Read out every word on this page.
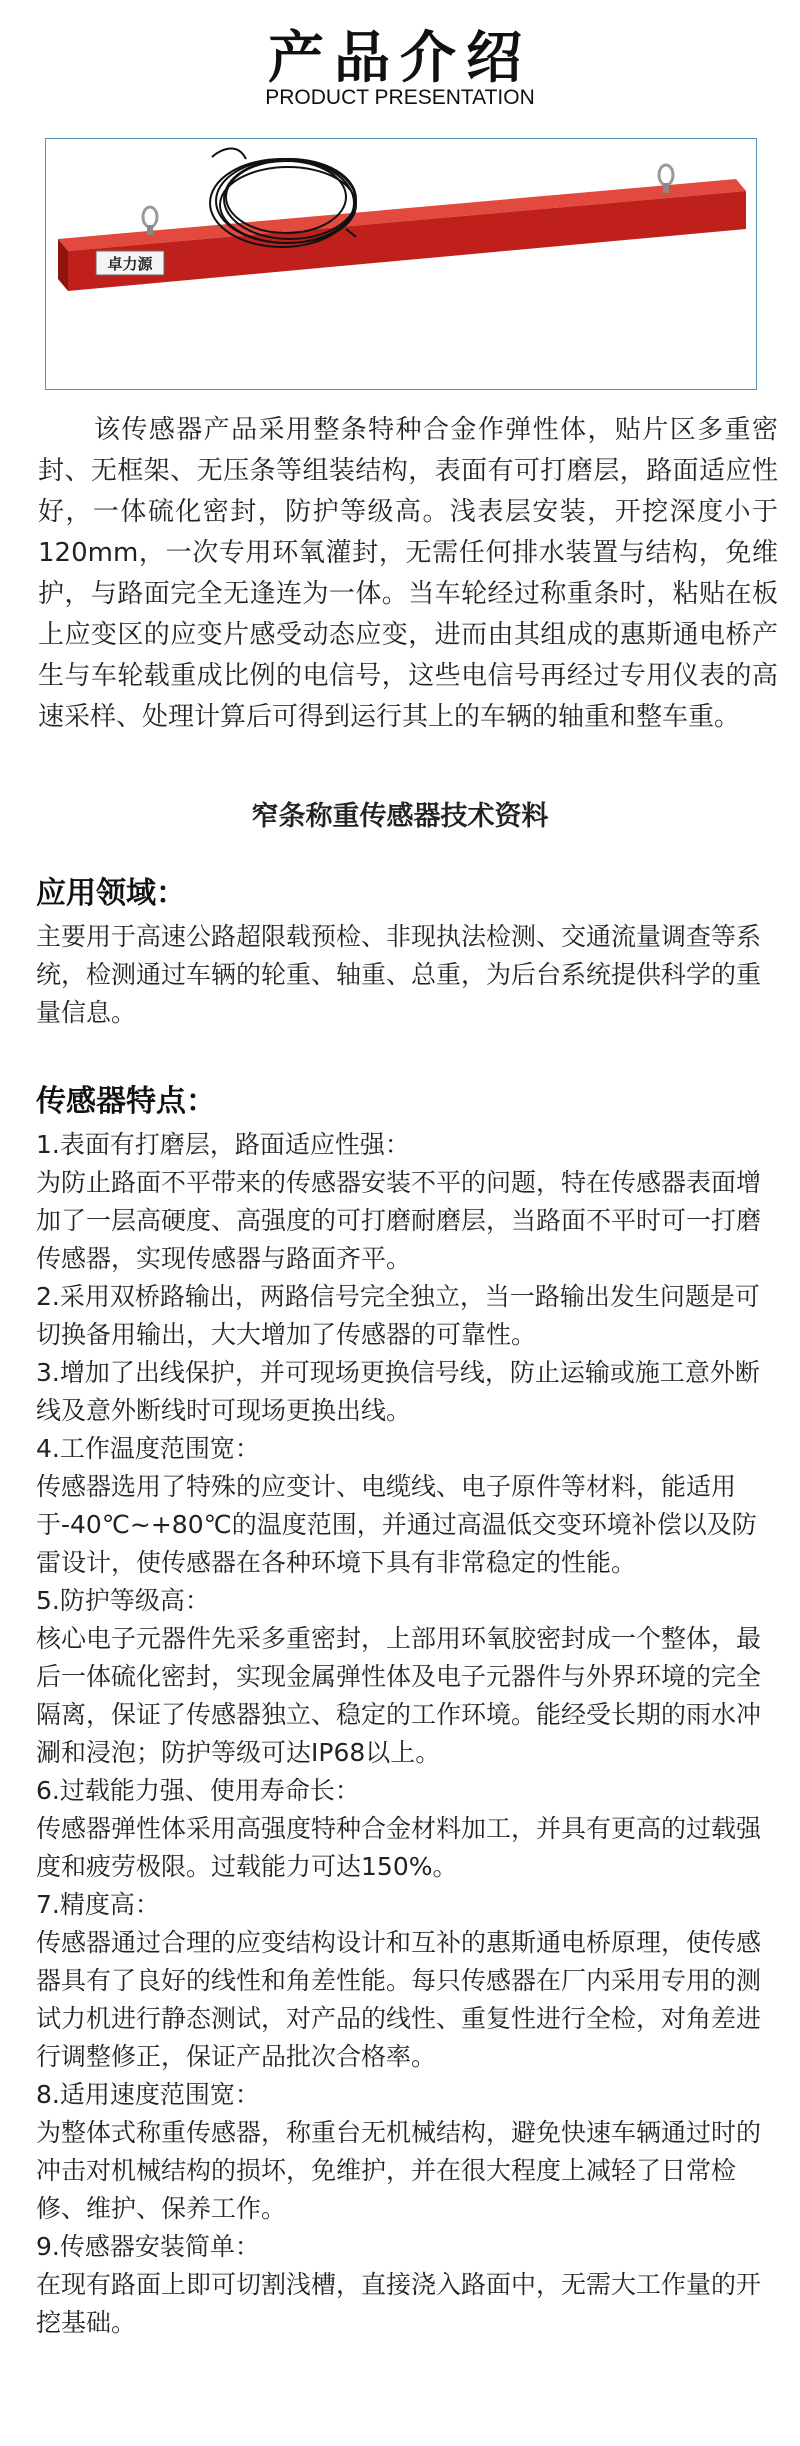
产品介绍
PRODUCT PRESENTATION
卓力源
该传感器产品采用整条特种合金作弹性体，贴片区多重密封、无框架、无压条等组装结构，表面有可打磨层，路面适应性好，一体硫化密封，防护等级高。浅表层安装，开挖深度小于120mm，一次专用环氧灌封，无需任何排水装置与结构，免维护，与路面完全无逢连为一体。当车轮经过称重条时，粘贴在板上应变区的应变片感受动态应变，进而由其组成的惠斯通电桥产生与车轮载重成比例的电信号，这些电信号再经过专用仪表的高速采样、处理计算后可得到运行其上的车辆的轴重和整车重。
窄条称重传感器技术资料
应用领域：
主要用于高速公路超限载预检、非现执法检测、交通流量调查等系统，检测通过车辆的轮重、轴重、总重，为后台系统提供科学的重量信息。
传感器特点：
1.表面有打磨层，路面适应性强：
为防止路面不平带来的传感器安装不平的问题，特在传感器表面增加了一层高硬度、高强度的可打磨耐磨层，当路面不平时可一打磨传感器，实现传感器与路面齐平。
2.采用双桥路输出，两路信号完全独立，当一路输出发生问题是可切换备用输出，大大增加了传感器的可靠性。
3.增加了出线保护，并可现场更换信号线，防止运输或施工意外断线及意外断线时可现场更换出线。
4.工作温度范围宽：
传感器选用了特殊的应变计、电缆线、电子原件等材料，能适用于-40℃~+80℃的温度范围，并通过高温低交变环境补偿以及防雷设计，使传感器在各种环境下具有非常稳定的性能。
5.防护等级高：
核心电子元器件先采多重密封，上部用环氧胶密封成一个整体，最后一体硫化密封，实现金属弹性体及电子元器件与外界环境的完全隔离，保证了传感器独立、稳定的工作环境。能经受长期的雨水冲涮和浸泡；防护等级可达IP68以上。
6.过载能力强、使用寿命长：
传感器弹性体采用高强度特种合金材料加工，并具有更高的过载强度和疲劳极限。过载能力可达150%。
7.精度高：
传感器通过合理的应变结构设计和互补的惠斯通电桥原理，使传感器具有了良好的线性和角差性能。每只传感器在厂内采用专用的测试力机进行静态测试，对产品的线性、重复性进行全检，对角差进行调整修正，保证产品批次合格率。
8.适用速度范围宽：
为整体式称重传感器，称重台无机械结构，避免快速车辆通过时的冲击对机械结构的损坏，免维护，并在很大程度上减轻了日常检修、维护、保养工作。
9.传感器安装简单：
在现有路面上即可切割浅槽，直接浇入路面中，无需大工作量的开挖基础。
